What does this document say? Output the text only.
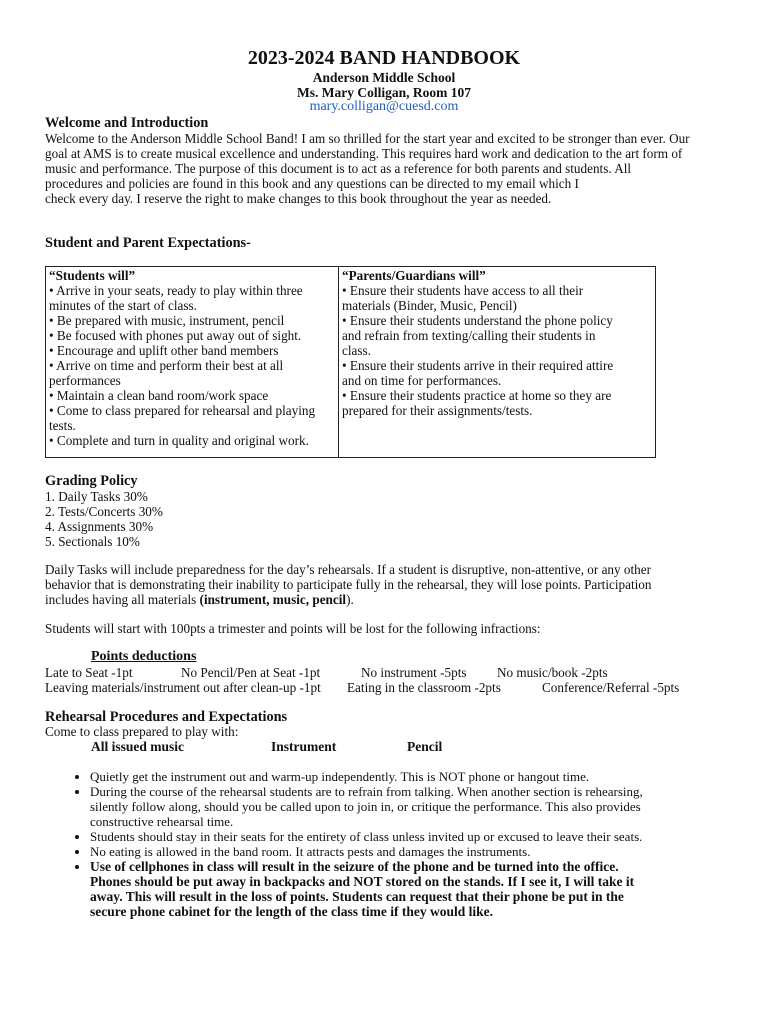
2023-2024 BAND HANDBOOK
Anderson Middle School
Ms. Mary Colligan, Room 107
mary.colligan@cuesd.com
Welcome and Introduction
Welcome to the Anderson Middle School Band! I am so thrilled for the start year and excited to be stronger than ever. Our
goal at AMS is to create musical excellence and understanding. This requires hard work and dedication to the art form of
music and performance. The purpose of this document is to act as a reference for both parents and students. All
procedures and policies are found in this book and any questions can be directed to my email which I
check every day. I reserve the right to make changes to this book throughout the year as needed.
Student and Parent Expectations-
“Students will”
• Arrive in your seats, ready to play within three
minutes of the start of class.
• Be prepared with music, instrument, pencil
• Be focused with phones put away out of sight.
• Encourage and uplift other band members
• Arrive on time and perform their best at all
performances
• Maintain a clean band room/work space
• Come to class prepared for rehearsal and playing
tests.
• Complete and turn in quality and original work.

“Parents/Guardians will”
• Ensure their students have access to all their
materials (Binder, Music, Pencil)
• Ensure their students understand the phone policy
and refrain from texting/calling their students in
class.
• Ensure their students arrive in their required attire
and on time for performances.
• Ensure their students practice at home so they are
prepared for their assignments/tests.
Grading Policy
1. Daily Tasks 30%
2. Tests/Concerts 30%
4. Assignments 30%
5. Sectionals 10%
Daily Tasks will include preparedness for the day’s rehearsals. If a student is disruptive, non-attentive, or any other
behavior that is demonstrating their inability to participate fully in the rehearsal, they will lose points. Participation
includes having all materials (instrument, music, pencil).
Students will start with 100pts a trimester and points will be lost for the following infractions:
Points deductions
Late to Seat -1pt	No Pencil/Pen at Seat -1pt	No instrument -5pts No music/book -2pts
Leaving materials/instrument out after clean-up -1pt Eating in the classroom -2pts	Conference/Referral -5pts
Rehearsal Procedures and Expectations
Come to class prepared to play with:
All issued music	Instrument	Pencil
• Quietly get the instrument out and warm-up independently. This is NOT phone or hangout time.
• During the course of the rehearsal students are to refrain from talking. When another section is rehearsing,
silently follow along, should you be called upon to join in, or critique the performance. This also provides
constructive rehearsal time.
• Students should stay in their seats for the entirety of class unless invited up or excused to leave their seats.
• No eating is allowed in the band room. It attracts pests and damages the instruments.
• Use of cellphones in class will result in the seizure of the phone and be turned into the office.
Phones should be put away in backpacks and NOT stored on the stands. If I see it, I will take it
away. This will result in the loss of points. Students can request that their phone be put in the
secure phone cabinet for the length of the class time if they would like.
